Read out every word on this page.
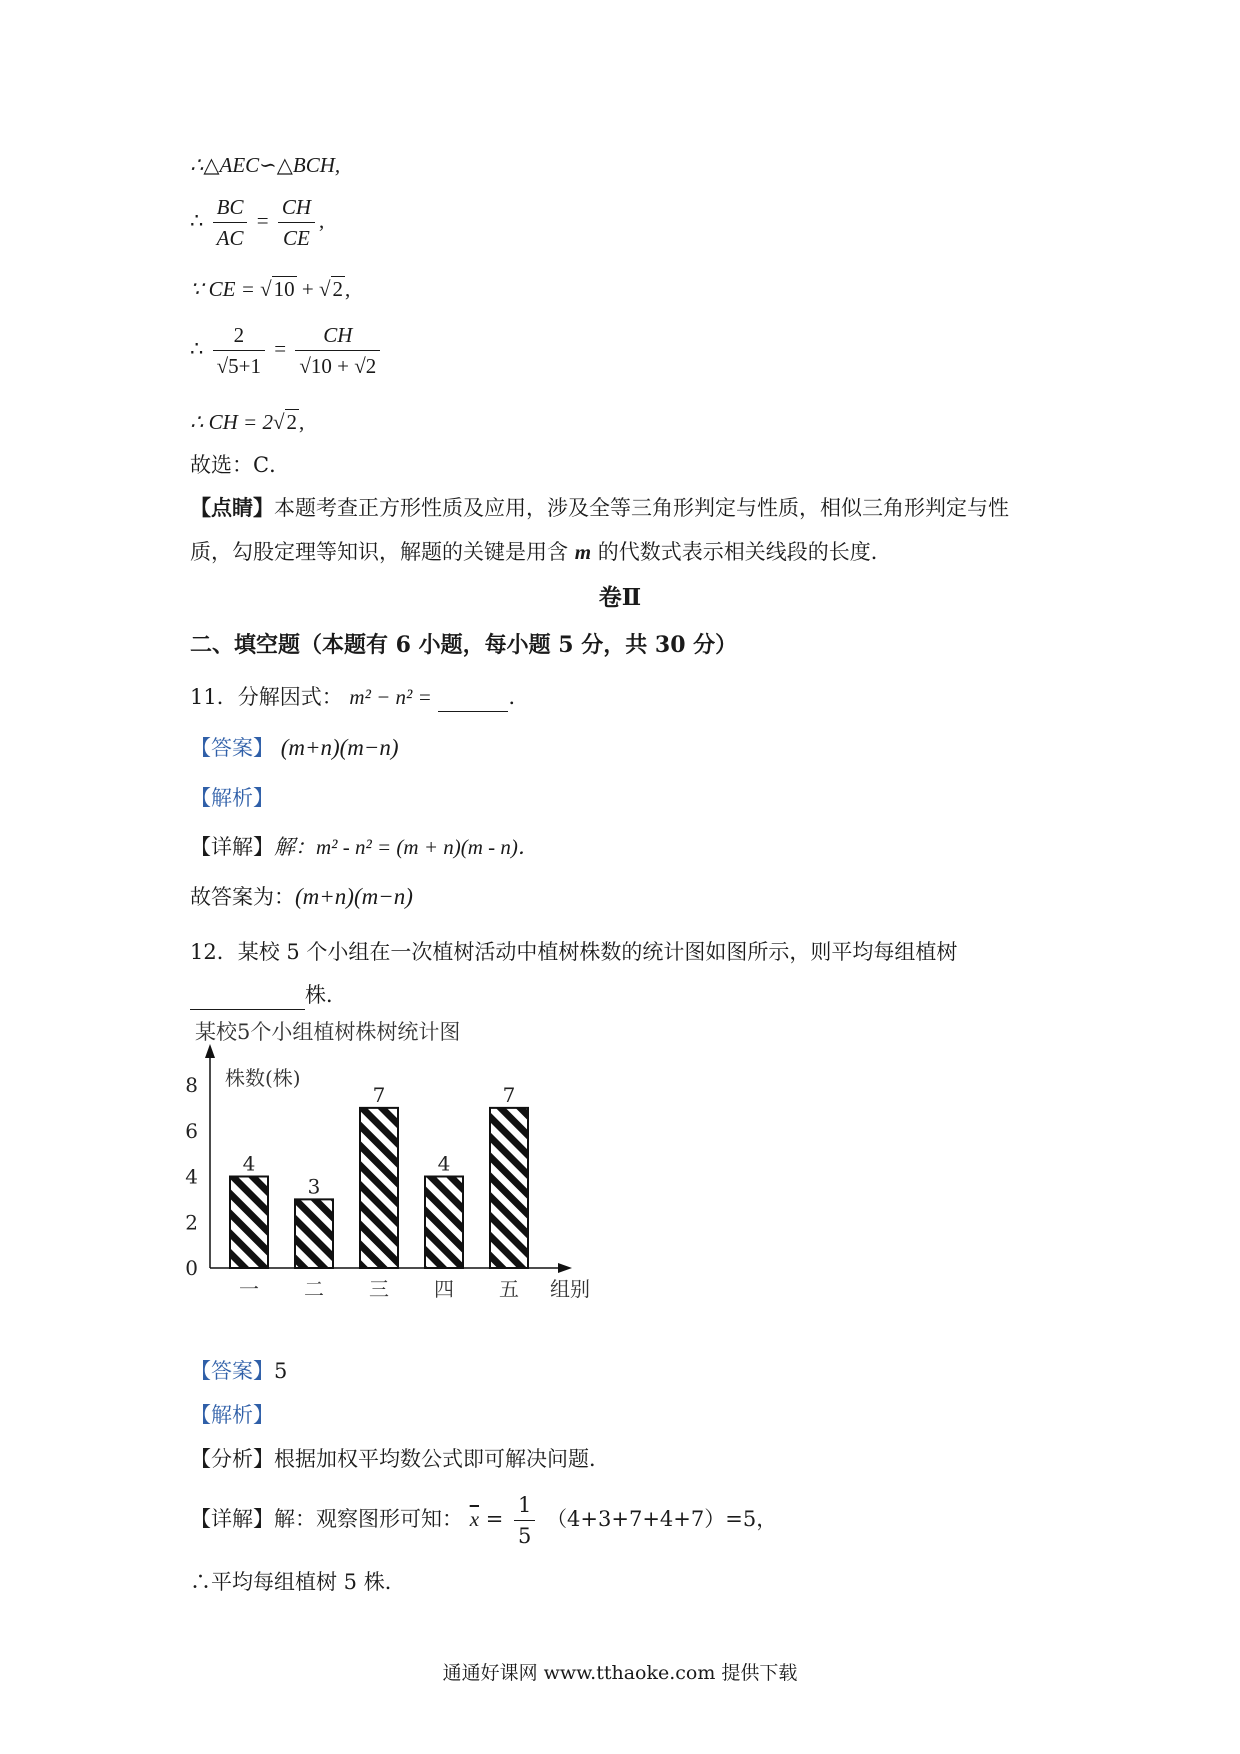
∴△AEC∽△BCH,
∴ $\frac{BC}{AC} = \frac{CH}{CE}$ ,
∵ CE = √10 + √2,
∴ $\frac{2}{√5+1} = \frac{CH}{√10 + √2}$
∴ CH = 2√2,
故选：C．
【点睛】本题考查正方形性质及应用，涉及全等三角形判定与性质，相似三角形判定与性
质，勾股定理等知识，解题的关键是用含 m 的代数式表示相关线段的长度．
卷Ⅱ
二、填空题（本题有 6 小题，每小题 5 分，共 30 分）
11．分解因式： m² − n² =	．
【答案】 (m+n)(m−n)
【解析】
【详解】解：m² - n² = (m + n)(m - n)．
故答案为：(m+n)(m−n)
12．某校 5 个小组在一次植树活动中植树株数的统计图如图所示，则平均每组植树
株．
某校5个小组植树株树统计图
株数(株)
0
2
4
6
8
4
一
3
二
7
三
4
四
7
五 组别
【答案】5
【解析】
【分析】根据加权平均数公式即可解决问题．
【详解】解：观察图形可知： $\overline{x} = \frac{1}{5} (4+3+7+4+7)=5$，
∴平均每组植树 5 株．
通通好课网 www.tthaoke.com 提供下载
